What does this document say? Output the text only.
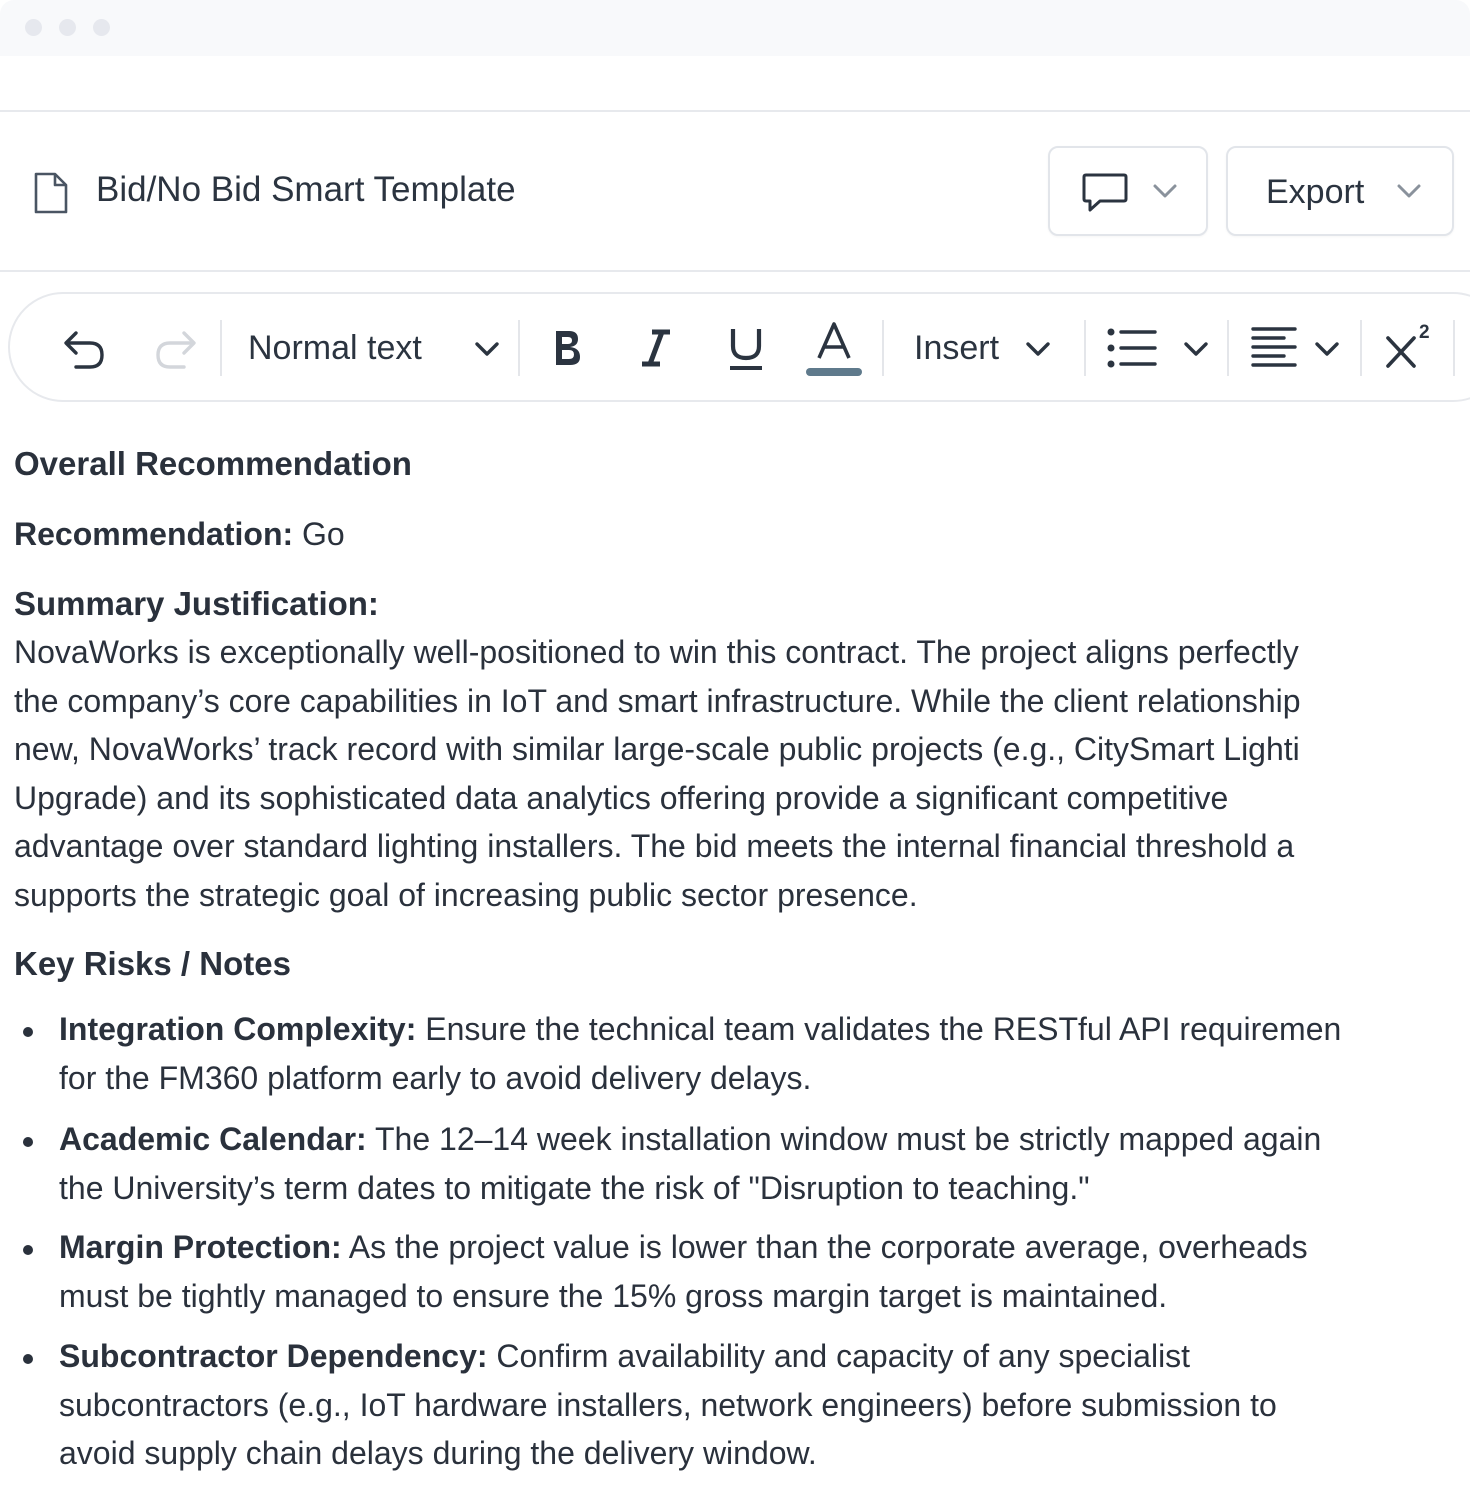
Bid/No Bid Smart Template	Export
Normal text	Insert	2
Overall Recommendation
Recommendation: Go
Summary Justification:
NovaWorks is exceptionally well-positioned to win this contract. The project aligns perfectly
the company’s core capabilities in IoT and smart infrastructure. While the client relationship
new, NovaWorks’ track record with similar large-scale public projects (e.g., CitySmart Lighti
Upgrade) and its sophisticated data analytics offering provide a significant competitive
advantage over standard lighting installers. The bid meets the internal financial threshold a
supports the strategic goal of increasing public sector presence.
Key Risks / Notes
Integration Complexity: Ensure the technical team validates the RESTful API requiremen
for the FM360 platform early to avoid delivery delays.
Academic Calendar: The 12–14 week installation window must be strictly mapped again
the University’s term dates to mitigate the risk of "Disruption to teaching."
Margin Protection: As the project value is lower than the corporate average, overheads
must be tightly managed to ensure the 15% gross margin target is maintained.
Subcontractor Dependency: Confirm availability and capacity of any specialist
subcontractors (e.g., IoT hardware installers, network engineers) before submission to
avoid supply chain delays during the delivery window.
